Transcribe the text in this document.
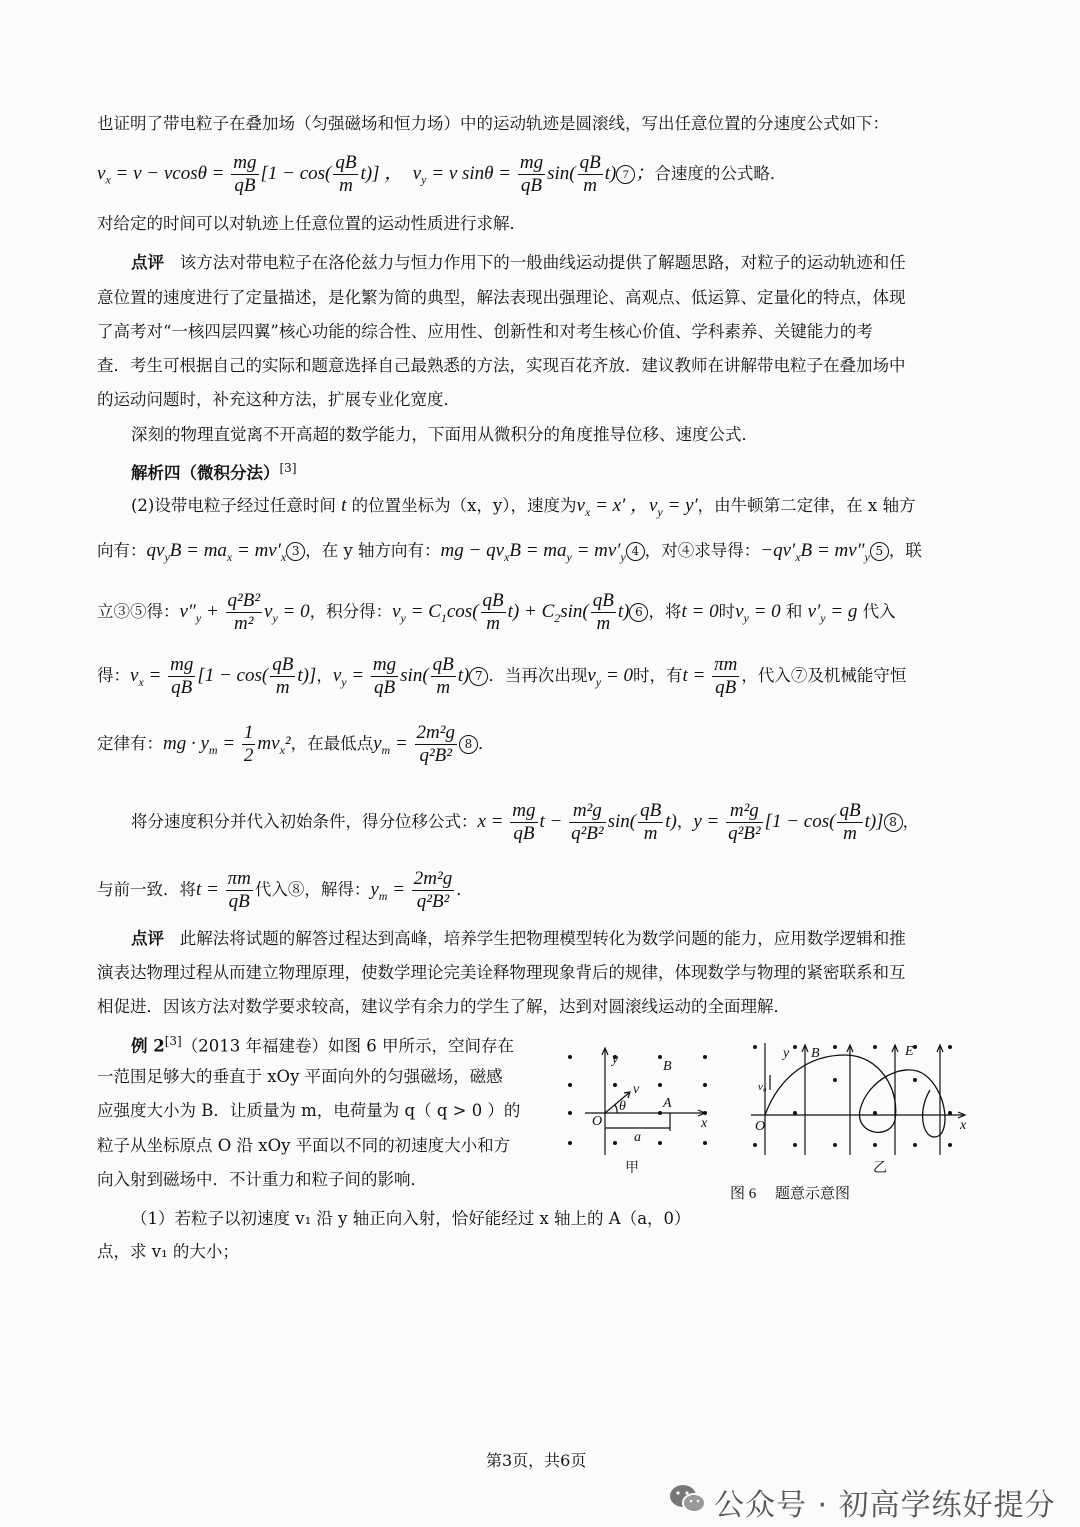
也证明了带电粒子在叠加场（匀强磁场和恒力场）中的运动轨迹是圆滚线，写出任意位置的分速度公式如下：
$v_x = v - vcos\theta = \frac{mg}{qB} [1 - \cos( \frac{qB}{m} t)]$ ，  $v_y = v$ $\sin\theta = \frac{mg}{qB} \sin( \frac{qB}{m} t)$ 7 ；合速度的公式略．
对给定的时间可以对轨迹上任意位置的运动性质进行求解．
点评 该方法对带电粒子在洛伦兹力与恒力作用下的一般曲线运动提供了解题思路，对粒子的运动轨迹和任
意位置的速度进行了定量描述，是化繁为简的典型，解法表现出强理论、高观点、低运算、定量化的特点，体现
了高考对“一核四层四翼”核心功能的综合性、应用性、创新性和对考生核心价值、学科素养、关键能力的考
查．考生可根据自己的实际和题意选择自己最熟悉的方法，实现百花齐放．建议教师在讲解带电粒子在叠加场中
的运动问题时，补充这种方法，扩展专业化宽度．
深刻的物理直觉离不开高超的数学能力，下面用从微积分的角度推导位移、速度公式．
解析四（微积分法）[3]
(2)设带电粒子经过任意时间 t 的位置坐标为（x，y），速度为$v_x = x'$ ，$v_y = y'$，由牛顿第二定律，在 x 轴方
向有：$qv_yB = ma_x = mv'_x$ 3 ，在 y 轴方向有：mg − $qv_xB = ma_y = mv'_y$ 4 ，对④求导得：$-qv'_xB = mv''_y$ 5 ，联
立③⑤得：$v''_y + \frac{\text{q²B²}}{\text{m²}} v_y = 0$，积分得：$v_y = C_1\cos( \frac{qB}{m} t) + C_2\sin( \frac{qB}{m} t)$ 6 ，将t = 0时$v_y = 0$ 和 $v'_y = g$ 代入
得：$v_x = \frac{mg}{qB} [1 - \cos( \frac{qB}{m} t)]$，$v_y = \frac{mg}{qB} \sin( \frac{qB}{m} t)$ 7 ．当再次出现$v_y = 0$时，有$t = \frac{\pi m}{qB}$ ，代入⑦及机械能守恒
定律有：mg · $y_m = \frac{1}{2} mv_x^2$，在最低点$y_m = \frac{\text{2m²g}}{\text{q²B²}} 8$ ．
将分速度积分并代入初始条件，得分位移公式：$x = \frac{mg}{qB}$ $t - \frac{\text{m²g}}{\text{q²B²}} \sin( \frac{qB}{m} t)$，$y = \frac{\text{m²g}}{\text{q²B²}} [1 - \cos( \frac{qB}{m} t)]$ 8 ，
与前一致．将$t = \frac{\pi m}{qB}$ 代入⑧，解得：$y_m = \frac{\text{2m²g}}{\text{q²B²}}$ ．
点评 此解法将试题的解答过程达到高峰，培养学生把物理模型转化为数学问题的能力，应用数学逻辑和推
演表达物理过程从而建立物理原理，使数学理论完美诠释物理现象背后的规律，体现数学与物理的紧密联系和互
相促进．因该方法对数学要求较高，建议学有余力的学生了解，达到对圆滚线运动的全面理解．
例 2[3]（2013 年福建卷）如图 6 甲所示，空间存在
一范围足够大的垂直于 xOy 平面向外的匀强磁场，磁感
应强度大小为 B．让质量为 m，电荷量为 q（ q > 0 ）的
粒子从坐标原点 O 沿 xOy 平面以不同的初速度大小和方
向入射到磁场中．不计重力和粒子间的影响．
（1）若粒子以初速度 v₁ 沿 y 轴正向入射，恰好能经过 x 轴上的 A（a，0）
点，求 v₁ 的大小；
y	B
v
θ
O
A
x
a
甲
y B	E
v₀
O	x
乙
图 6　 题意示意图
第3页，共6页
公众号 · 初高学练好提分
